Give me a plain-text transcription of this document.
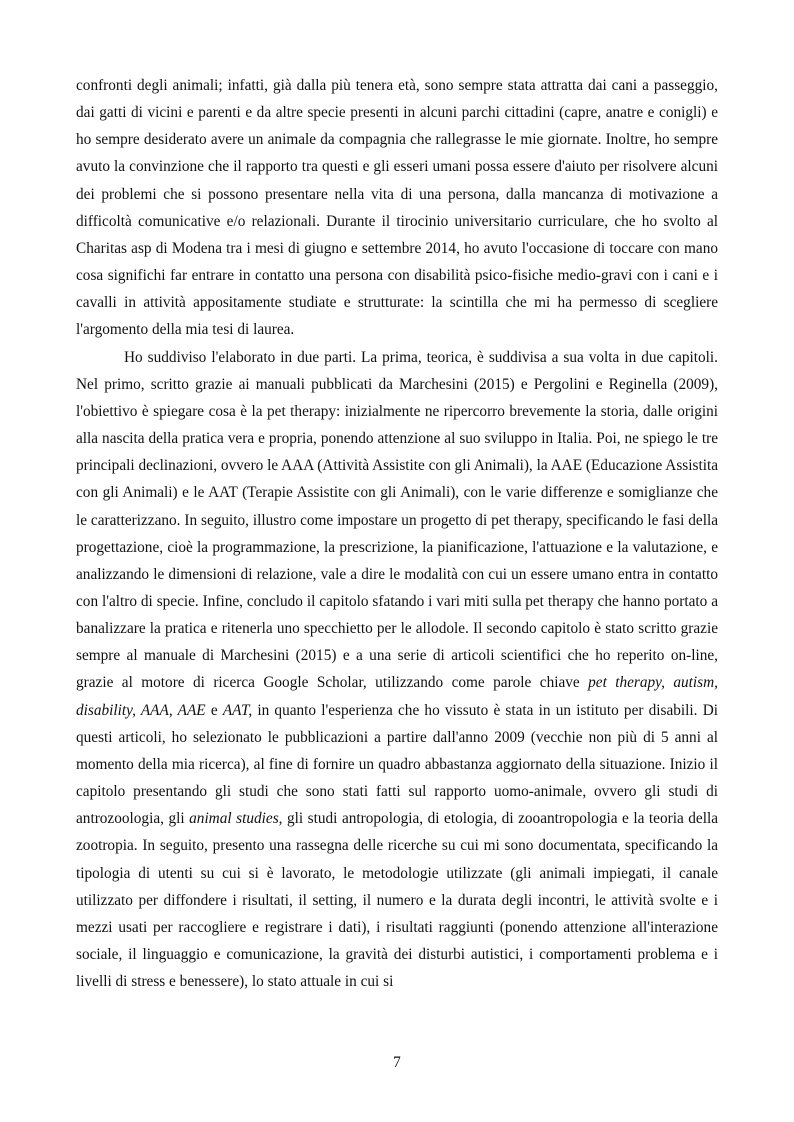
confronti degli animali; infatti, già dalla più tenera età, sono sempre stata attratta dai cani a passeggio, dai gatti di vicini e parenti e da altre specie presenti in alcuni parchi cittadini (capre, anatre e conigli) e ho sempre desiderato avere un animale da compagnia che rallegrasse le mie giornate. Inoltre, ho sempre avuto la convinzione che il rapporto tra questi e gli esseri umani possa essere d'aiuto per risolvere alcuni dei problemi che si possono presentare nella vita di una persona, dalla mancanza di motivazione a difficoltà comunicative e/o relazionali. Durante il tirocinio universitario curriculare, che ho svolto al Charitas asp di Modena tra i mesi di giugno e settembre 2014, ho avuto l'occasione di toccare con mano cosa significhi far entrare in contatto una persona con disabilità psico-fisiche medio-gravi con i cani e i cavalli in attività appositamente studiate e strutturate: la scintilla che mi ha permesso di scegliere l'argomento della mia tesi di laurea.

Ho suddiviso l'elaborato in due parti. La prima, teorica, è suddivisa a sua volta in due capitoli. Nel primo, scritto grazie ai manuali pubblicati da Marchesini (2015) e Pergolini e Reginella (2009), l'obiettivo è spiegare cosa è la pet therapy: inizialmente ne ripercorro brevemente la storia, dalle origini alla nascita della pratica vera e propria, ponendo attenzione al suo sviluppo in Italia. Poi, ne spiego le tre principali declinazioni, ovvero le AAA (Attività Assistite con gli Animali), la AAE (Educazione Assistita con gli Animali) e le AAT (Terapie Assistite con gli Animali), con le varie differenze e somiglianze che le caratterizzano. In seguito, illustro come impostare un progetto di pet therapy, specificando le fasi della progettazione, cioè la programmazione, la prescrizione, la pianificazione, l'attuazione e la valutazione, e analizzando le dimensioni di relazione, vale a dire le modalità con cui un essere umano entra in contatto con l'altro di specie. Infine, concludo il capitolo sfatando i vari miti sulla pet therapy che hanno portato a banalizzare la pratica e ritenerla uno specchietto per le allodole. Il secondo capitolo è stato scritto grazie sempre al manuale di Marchesini (2015) e a una serie di articoli scientifici che ho reperito on-line, grazie al motore di ricerca Google Scholar, utilizzando come parole chiave pet therapy, autism, disability, AAA, AAE e AAT, in quanto l'esperienza che ho vissuto è stata in un istituto per disabili. Di questi articoli, ho selezionato le pubblicazioni a partire dall'anno 2009 (vecchie non più di 5 anni al momento della mia ricerca), al fine di fornire un quadro abbastanza aggiornato della situazione. Inizio il capitolo presentando gli studi che sono stati fatti sul rapporto uomo-animale, ovvero gli studi di antrozoologia, gli animal studies, gli studi antropologia, di etologia, di zooantropologia e la teoria della zootropia. In seguito, presento una rassegna delle ricerche su cui mi sono documentata, specificando la tipologia di utenti su cui si è lavorato, le metodologie utilizzate (gli animali impiegati, il canale utilizzato per diffondere i risultati, il setting, il numero e la durata degli incontri, le attività svolte e i mezzi usati per raccogliere e registrare i dati), i risultati raggiunti (ponendo attenzione all'interazione sociale, il linguaggio e comunicazione, la gravità dei disturbi autistici, i comportamenti problema e i livelli di stress e benessere), lo stato attuale in cui si

7
